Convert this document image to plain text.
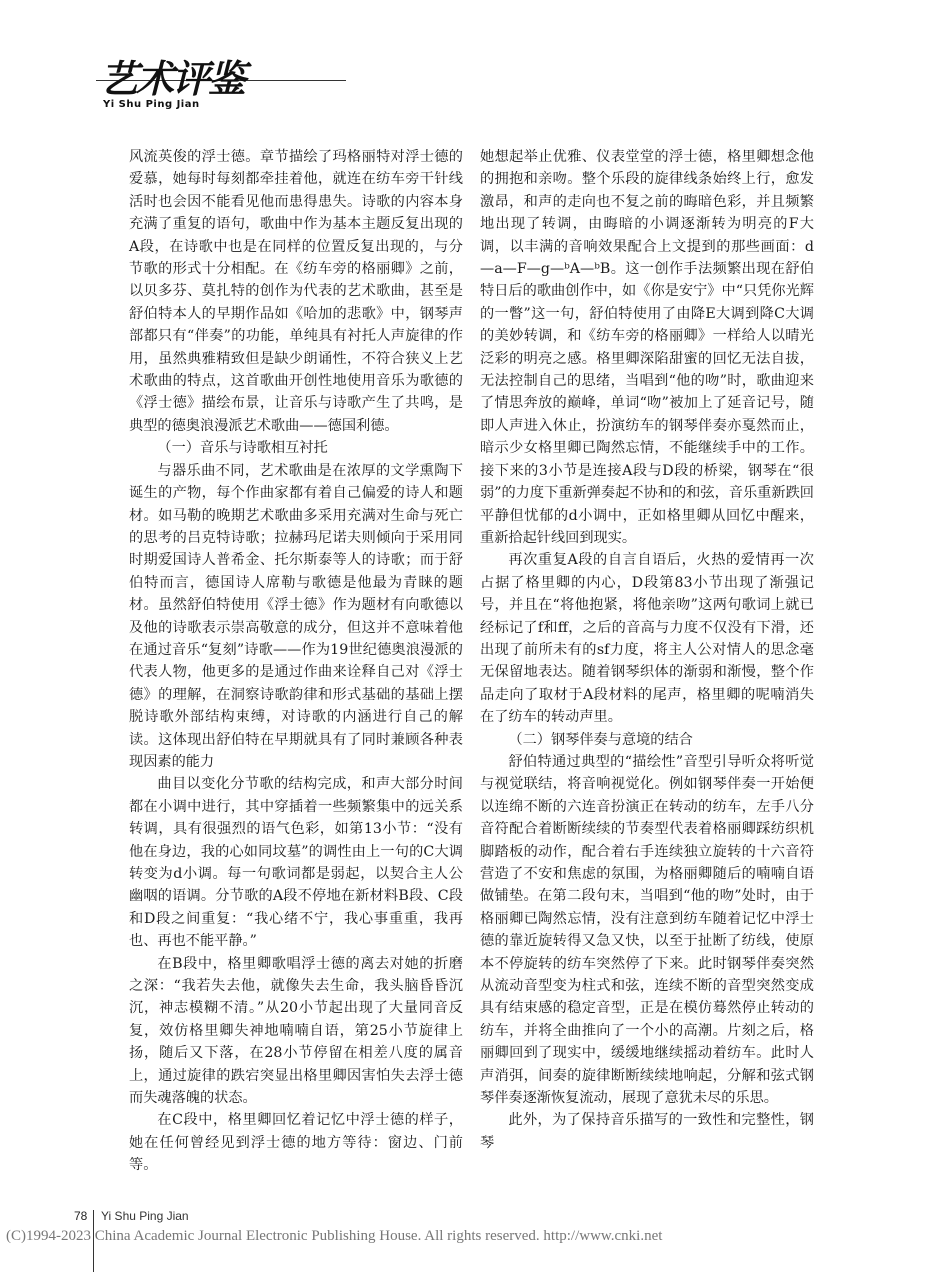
艺术评鉴
Yi Shu Ping Jian

风流英俊的浮士德。章节描绘了玛格丽特对浮士德的爱慕，她每时每刻都牵挂着他，就连在纺车旁干针线活时也会因不能看见他而患得患失。诗歌的内容本身充满了重复的语句，歌曲中作为基本主题反复出现的A段，在诗歌中也是在同样的位置反复出现的，与分节歌的形式十分相配。在《纺车旁的格丽卿》之前，以贝多芬、莫扎特的创作为代表的艺术歌曲，甚至是舒伯特本人的早期作品如《哈加的悲歌》中，钢琴声部都只有“伴奏”的功能，单纯具有衬托人声旋律的作用，虽然典雅精致但是缺少朗诵性，不符合狭义上艺术歌曲的特点，这首歌曲开创性地使用音乐为歌德的《浮士德》描绘布景，让音乐与诗歌产生了共鸣，是典型的德奥浪漫派艺术歌曲——德国利德。

（一）音乐与诗歌相互衬托

与器乐曲不同，艺术歌曲是在浓厚的文学熏陶下诞生的产物，每个作曲家都有着自己偏爱的诗人和题材。如马勒的晚期艺术歌曲多采用充满对生命与死亡的思考的吕克特诗歌；拉赫玛尼诺夫则倾向于采用同时期爱国诗人普希金、托尔斯泰等人的诗歌；而于舒伯特而言，德国诗人席勒与歌德是他最为青睐的题材。虽然舒伯特使用《浮士德》作为题材有向歌德以及他的诗歌表示崇高敬意的成分，但这并不意味着他在通过音乐“复刻”诗歌——作为19世纪德奥浪漫派的代表人物，他更多的是通过作曲来诠释自己对《浮士德》的理解，在洞察诗歌韵律和形式基础的基础上摆脱诗歌外部结构束缚，对诗歌的内涵进行自己的解读。这体现出舒伯特在早期就具有了同时兼顾各种表现因素的能力

曲目以变化分节歌的结构完成，和声大部分时间都在小调中进行，其中穿插着一些频繁集中的远关系转调，具有很强烈的语气色彩，如第13小节：“没有他在身边，我的心如同坟墓”的调性由上一句的C大调转变为d小调。每一句歌词都是弱起，以契合主人公幽咽的语调。分节歌的A段不停地在新材料B段、C段和D段之间重复：“我心绪不宁，我心事重重，我再也、再也不能平静。”

在B段中，格里卿歌唱浮士德的离去对她的折磨之深：“我若失去他，就像失去生命，我头脑昏昏沉沉，神志模糊不清。”从20小节起出现了大量同音反复，效仿格里卿失神地喃喃自语，第25小节旋律上扬，随后又下落，在28小节停留在相差八度的属音上，通过旋律的跌宕突显出格里卿因害怕失去浮士德而失魂落魄的状态。

在C段中，格里卿回忆着记忆中浮士德的样子，她在任何曾经见到浮士德的地方等待：窗边、门前等。

她想起举止优雅、仪表堂堂的浮士德，格里卿想念他的拥抱和亲吻。整个乐段的旋律线条始终上行，愈发激昂，和声的走向也不复之前的晦暗色彩，并且频繁地出现了转调，由晦暗的小调逐渐转为明亮的F大调，以丰满的音响效果配合上文提到的那些画面：d—a—F—g—ᵇA—ᵇB。这一创作手法频繁出现在舒伯特日后的歌曲创作中，如《你是安宁》中“只凭你光辉的一瞥”这一句，舒伯特使用了由降E大调到降C大调的美妙转调，和《纺车旁的格丽卿》一样给人以晴光泛彩的明亮之感。格里卿深陷甜蜜的回忆无法自拔，无法控制自己的思绪，当唱到“他的吻”时，歌曲迎来了情思奔放的巅峰，单词“吻”被加上了延音记号，随即人声进入休止，扮演纺车的钢琴伴奏亦戛然而止，暗示少女格里卿已陶然忘情，不能继续手中的工作。接下来的3小节是连接A段与D段的桥梁，钢琴在“很弱”的力度下重新弹奏起不协和的和弦，音乐重新跌回平静但忧郁的d小调中，正如格里卿从回忆中醒来，重新拾起针线回到现实。

再次重复A段的自言自语后，火热的爱情再一次占据了格里卿的内心，D段第83小节出现了渐强记号，并且在“将他抱紧，将他亲吻”这两句歌词上就已经标记了f和ff，之后的音高与力度不仅没有下滑，还出现了前所未有的sf力度，将主人公对情人的思念毫无保留地表达。随着钢琴织体的渐弱和渐慢，整个作品走向了取材于A段材料的尾声，格里卿的呢喃消失在了纺车的转动声里。

（二）钢琴伴奏与意境的结合

舒伯特通过典型的“描绘性”音型引导听众将听觉与视觉联结，将音响视觉化。例如钢琴伴奏一开始便以连绵不断的六连音扮演正在转动的纺车，左手八分音符配合着断断续续的节奏型代表着格丽卿踩纺织机脚踏板的动作，配合着右手连续独立旋转的十六音符营造了不安和焦虑的氛围，为格丽卿随后的喃喃自语做铺垫。在第二段句末，当唱到“他的吻”处时，由于格丽卿已陶然忘情，没有注意到纺车随着记忆中浮士德的靠近旋转得又急又快，以至于扯断了纺线，使原本不停旋转的纺车突然停了下来。此时钢琴伴奏突然从流动音型变为柱式和弦，连续不断的音型突然变成具有结束感的稳定音型，正是在模仿蓦然停止转动的纺车，并将全曲推向了一个小的高潮。片刻之后，格丽卿回到了现实中，缓缓地继续摇动着纺车。此时人声消弭，间奏的旋律断断续续地响起，分解和弦式钢琴伴奏逐渐恢复流动，展现了意犹未尽的乐思。

此外，为了保持音乐描写的一致性和完整性，钢琴

78 Yi Shu Ping Jian
(C)1994-2023 China Academic Journal Electronic Publishing House. All rights reserved. http://www.cnki.net
